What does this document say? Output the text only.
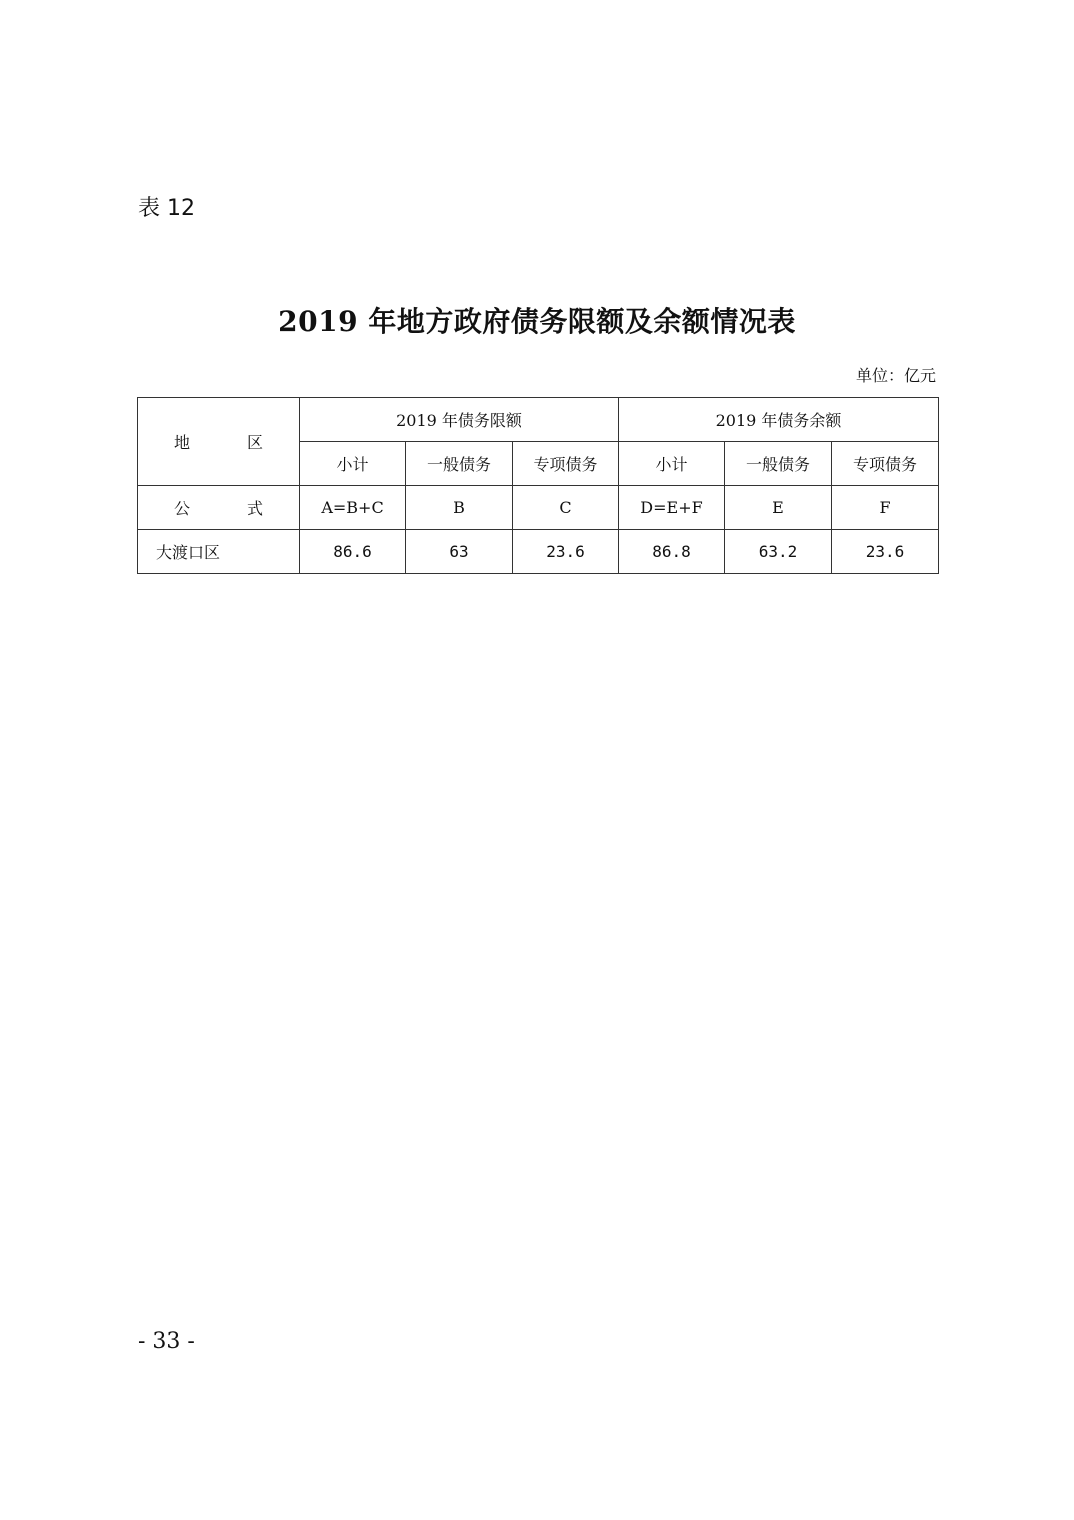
表 12
2019 年地方政府债务限额及余额情况表
单位：亿元
地 区	2019 年债务限额			2019 年债务余额		
	小计	一般债务	专项债务	小计	一般债务	专项债务
公 式	A=B+C	B	C	D=E+F	E	F
大渡口区	86.6	63	23.6	86.8	63.2	23.6
- 33 -
